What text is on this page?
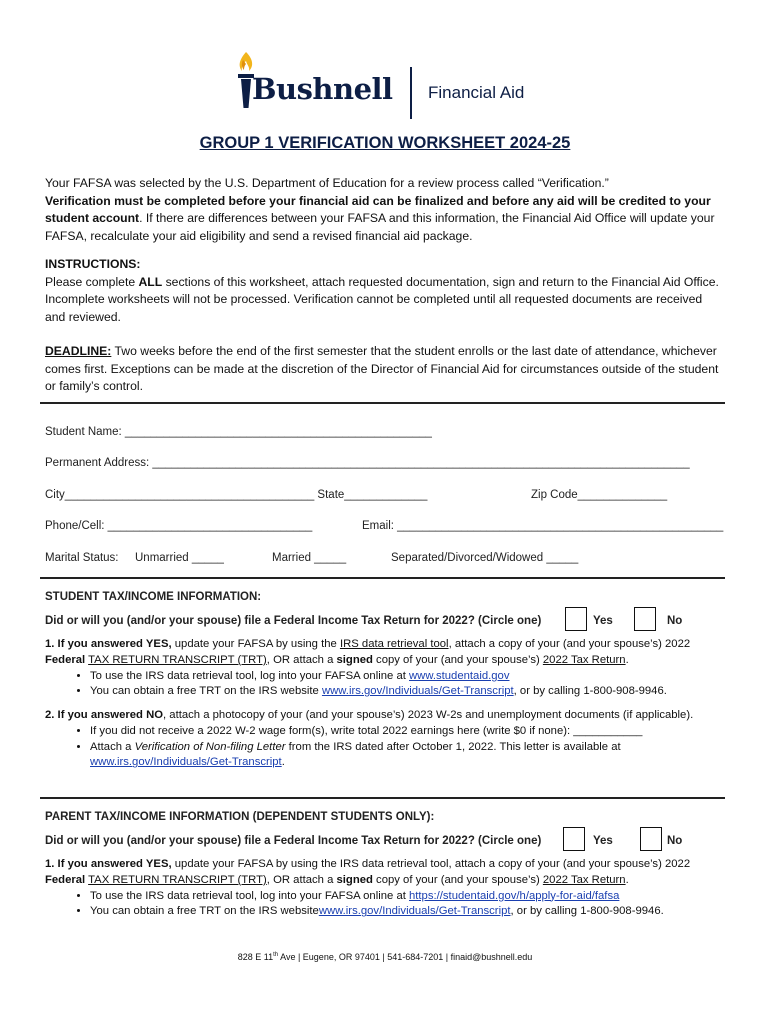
Bushnell Financial Aid
GROUP 1 VERIFICATION WORKSHEET 2024-25

Your FAFSA was selected by the U.S. Department of Education for a review process called “Verification.”
Verification must be completed before your financial aid can be finalized and before any aid will be credited to your student account. If there are differences between your FAFSA and this information, the Financial Aid Office will update your FAFSA, recalculate your aid eligibility and send a revised financial aid package.

INSTRUCTIONS:

Please complete ALL sections of this worksheet, attach requested documentation, sign and return to the Financial Aid Office. Incomplete worksheets will not be processed. Verification cannot be completed until all requested documents are received and reviewed.

DEADLINE: Two weeks before the end of the first semester that the student enrolls or the last date of attendance, whichever comes first. Exceptions can be made at the discretion of the Director of Financial Aid for circumstances outside of the student or family’s control.

Student Name: ________________________________________________
Permanent Address: ____________________________________________________________________________________
City_______________________________________ State_____________	Zip Code______________
Phone/Cell: ________________________________	Email: ___________________________________________________
Marital Status: Unmarried _____	Married _____	Separated/Divorced/Widowed _____
STUDENT TAX/INCOME INFORMATION:
Did or will you (and/or your spouse) file a Federal Income Tax Return for 2022? (Circle one)	Yes	No

1. If you answered YES, update your FAFSA by using the IRS data retrieval tool, attach a copy of your (and your spouse’s) 2022 Federal TAX RETURN TRANSCRIPT (TRT), OR attach a signed copy of your (and your spouse’s) 2022 Tax Return.

• To use the IRS data retrieval tool, log into your FAFSA online at www.studentaid.gov
• You can obtain a free TRT on the IRS website www.irs.gov/Individuals/Get-Transcript, or by calling 1-800-908-9946.

2. If you answered NO, attach a photocopy of your (and your spouse’s) 2023 W-2s and unemployment documents (if applicable).

• If you did not receive a 2022 W-2 wage form(s), write total 2022 earnings here (write $0 if none): ___________
• Attach a Verification of Non-filing Letter from the IRS dated after October 1, 2022. This letter is available at www.irs.gov/Individuals/Get-Transcript.
PARENT TAX/INCOME INFORMATION (DEPENDENT STUDENTS ONLY):
Did or will you (and/or your spouse) file a Federal Income Tax Return for 2022? (Circle one)	Yes	No

1. If you answered YES, update your FAFSA by using the IRS data retrieval tool, attach a copy of your (and your spouse’s) 2022 Federal TAX RETURN TRANSCRIPT (TRT), OR attach a signed copy of your (and your spouse’s) 2022 Tax Return.

• To use the IRS data retrieval tool, log into your FAFSA online at https://studentaid.gov/h/apply-for-aid/fafsa
• You can obtain a free TRT on the IRS websitewww.irs.gov/Individuals/Get-Transcript, or by calling 1-800-908-9946.
828 E 11th Ave | Eugene, OR 97401 | 541-684-7201 | finaid@bushnell.edu
